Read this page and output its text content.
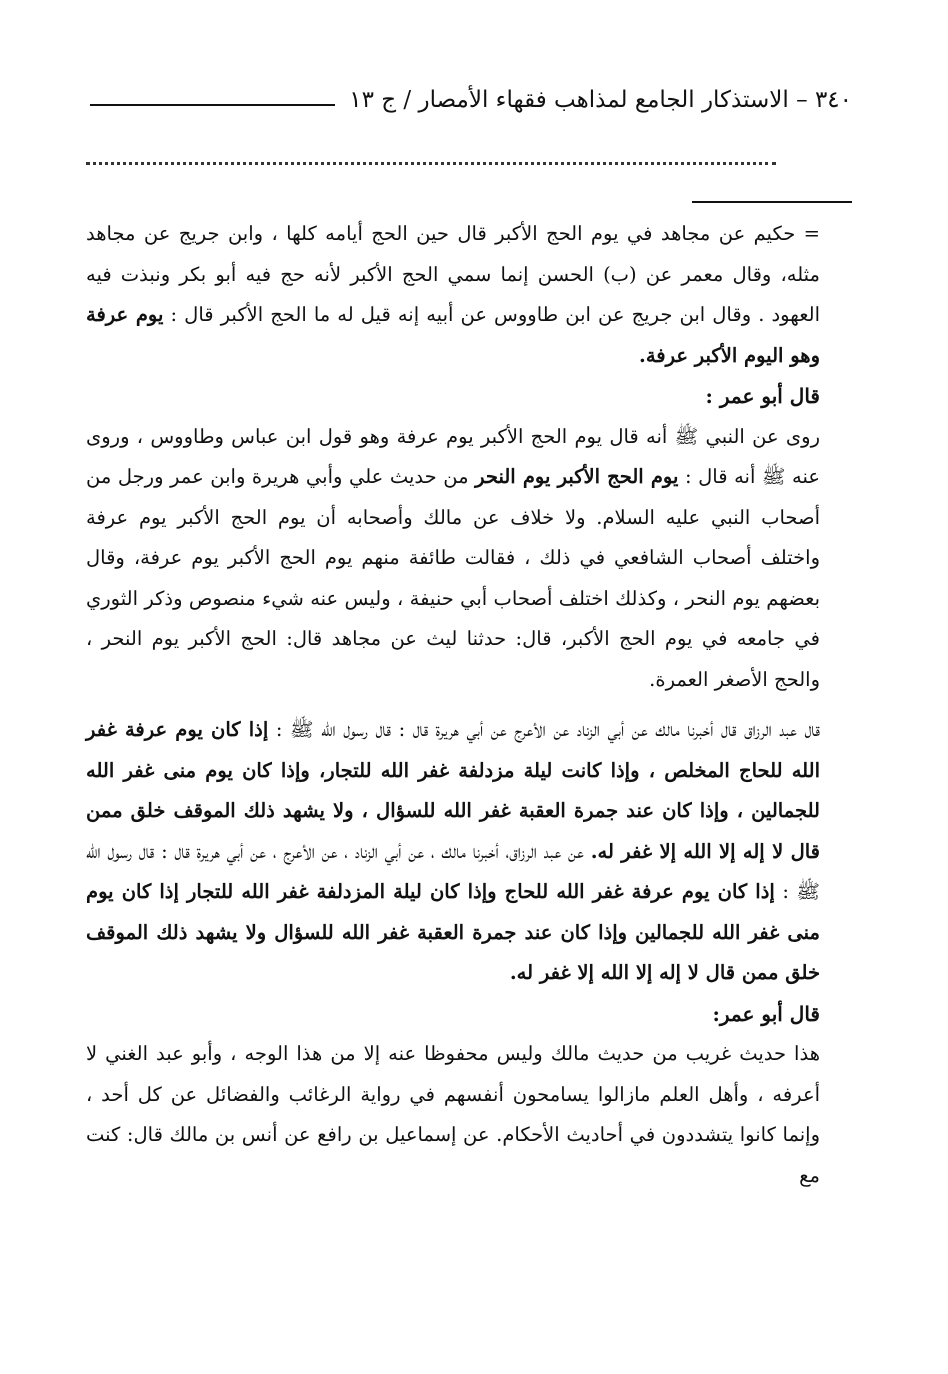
٣٤٠ – الاستذكار الجامع لمذاهب فقهاء الأمصار / ج ١٣

= حكيم عن مجاهد في يوم الحج الأكبر قال حين الحج أيامه كلها ، وابن جريج عن مجاهد مثله، وقال معمر عن (ب) الحسن إنما سمي الحج الأكبر لأنه حج فيه أبو بكر ونبذت فيه العهود . وقال ابن جريج عن ابن طاووس عن أبيه إنه قيل له ما الحج الأكبر قال : يوم عرفة وهو اليوم الأكبر عرفة.

قال أبو عمر :

روى عن النبي ﷺ أنه قال يوم الحج الأكبر يوم عرفة وهو قول ابن عباس وطاووس ، وروى عنه ﷺ أنه قال : يوم الحج الأكبر يوم النحر من حديث علي وأبي هريرة وابن عمر ورجل من أصحاب النبي عليه السلام. ولا خلاف عن مالك وأصحابه أن يوم الحج الأكبر يوم عرفة واختلف أصحاب الشافعي في ذلك ، فقالت طائفة منهم يوم الحج الأكبر يوم عرفة، وقال بعضهم يوم النحر ، وكذلك اختلف أصحاب أبي حنيفة ، وليس عنه شيء منصوص وذكر الثوري في جامعه في يوم الحج الأكبر، قال: حدثنا ليث عن مجاهد قال: الحج الأكبر يوم النحر ، والحج الأصغر العمرة.

قال عبد الرزاق قال أخبرنا مالك عن أبي الزناد عن الأعرج عن أبي هريرة قال : قال رسول الله ﷺ : إذا كان يوم عرفة غفر الله للحاج المخلص ، وإذا كانت ليلة مزدلفة غفر الله للتجار، وإذا كان يوم منى غفر الله للجمالين ، وإذا كان عند جمرة العقبة غفر الله للسؤال ، ولا يشهد ذلك الموقف خلق ممن قال لا إله إلا الله إلا غفر له. عن عبد الرزاق، أخبرنا مالك ، عن أبي الزناد ، عن الأعرج ، عن أبي هريرة قال : قال رسول الله ﷺ : إذا كان يوم عرفة غفر الله للحاج وإذا كان ليلة المزدلفة غفر الله للتجار إذا كان يوم منى غفر الله للجمالين وإذا كان عند جمرة العقبة غفر الله للسؤال ولا يشهد ذلك الموقف خلق ممن قال لا إله إلا الله إلا غفر له.

قال أبو عمر:

هذا حديث غريب من حديث مالك وليس محفوظا عنه إلا من هذا الوجه ، وأبو عبد الغني لا أعرفه ، وأهل العلم مازالوا يسامحون أنفسهم في رواية الرغائب والفضائل عن كل أحد ، وإنما كانوا يتشددون في أحاديث الأحكام. عن إسماعيل بن رافع عن أنس بن مالك قال: كنت مع
